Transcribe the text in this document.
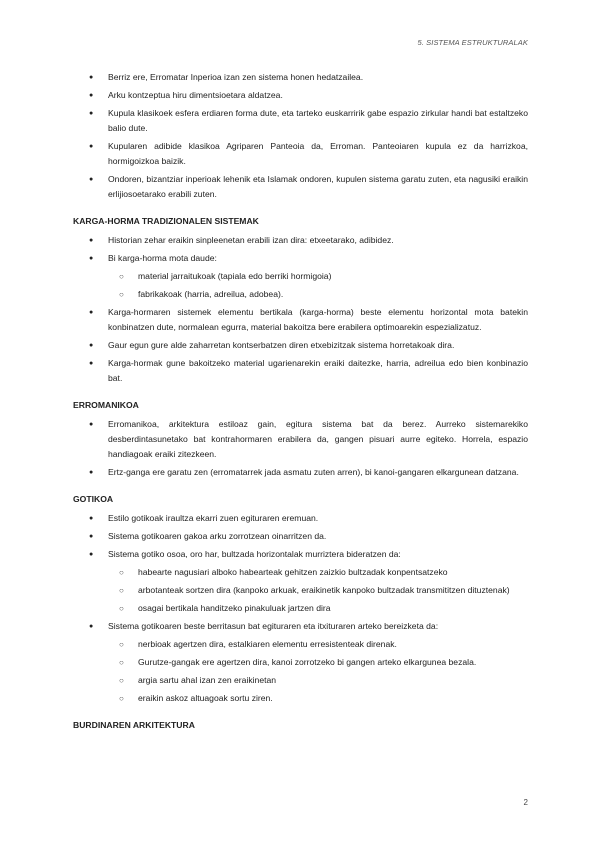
5. SISTEMA ESTRUKTURALAK
● Berriz ere, Erromatar Inperioa izan zen sistema honen hedatzailea.
● Arku kontzeptua hiru dimentsioetara aldatzea.
● Kupula klasikoek esfera erdiaren forma dute, eta tarteko euskarririk gabe espazio zirkular handi bat estaltzeko balio dute.
● Kupularen adibide klasikoa Agriparen Panteoia da, Erroman. Panteoiaren kupula ez da harrizkoa, hormigoizkoa baizik.
● Ondoren, bizantziar inperioak lehenik eta Islamak ondoren, kupulen sistema garatu zuten, eta nagusiki eraikin erlijiosoetarako erabili zuten.
KARGA-HORMA TRADIZIONALEN SISTEMAK
● Historian zehar eraikin sinpleenetan erabili izan dira: etxeetarako, adibidez.
● Bi karga-horma mota daude:
○ material jarraitukoak (tapiala edo berriki hormigoia)
○ fabrikakoak (harria, adreilua, adobea).
● Karga-hormaren sistemek elementu bertikala (karga-horma) beste elementu horizontal mota batekin konbinatzen dute, normalean egurra, material bakoitza bere erabilera optimoarekin espezializatuz.
● Gaur egun gure alde zaharretan kontserbatzen diren etxebizitzak sistema horretakoak dira.
● Karga-hormak gune bakoitzeko material ugarienarekin eraiki daitezke, harria, adreilua edo bien konbinazio bat.
ERROMANIKOA
● Erromanikoa, arkitektura estiloaz gain, egitura sistema bat da berez. Aurreko sistemarekiko desberdintasunetako bat kontrahormaren erabilera da, gangen pisuari aurre egiteko. Horrela, espazio handiagoak eraiki zitezkeen.
● Ertz-ganga ere garatu zen (erromatarrek jada asmatu zuten arren), bi kanoi-gangaren elkargunean datzana.
GOTIKOA
● Estilo gotikoak iraultza ekarri zuen egituraren eremuan.
● Sistema gotikoaren gakoa arku zorrotzean oinarritzen da.
● Sistema gotiko osoa, oro har, bultzada horizontalak murriztera bideratzen da:
○ habearte nagusiari alboko habearteak gehitzen zaizkio bultzadak konpentsatzeko
○ arbotanteak sortzen dira (kanpoko arkuak, eraikinetik kanpoko bultzadak transmititzen dituztenak)
○ osagai bertikala handitzeko pinakuluak jartzen dira
● Sistema gotikoaren beste berritasun bat egituraren eta itxituraren arteko bereizketa da:
○ nerbioak agertzen dira, estalkiaren elementu erresistenteak direnak.
○ Gurutze-gangak ere agertzen dira, kanoi zorrotzeko bi gangen arteko elkargunea bezala.
○ argia sartu ahal izan zen eraikinetan
○ eraikin askoz altuagoak sortu ziren.
BURDINAREN ARKITEKTURA
2
